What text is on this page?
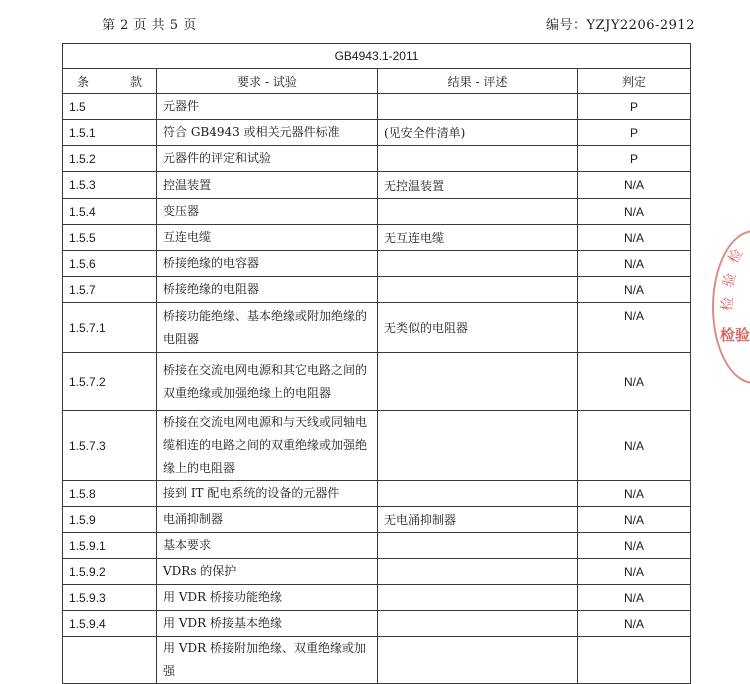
第 2 页 共 5 页	编号：YZJY2206-2912
检
验
检
检验
GB4943.1-2011			
条　　款	要求 - 试验	结果 - 评述	判定
1.5	元器件		P
1.5.1	符合 GB4943 或相关元器件标准	(见安全件清单)	P
1.5.2	元器件的评定和试验		P
1.5.3	控温装置	无控温装置	N/A
1.5.4	变压器		N/A
1.5.5	互连电缆	无互连电缆	N/A
1.5.6	桥接绝缘的电容器		N/A
1.5.7	桥接绝缘的电阻器		N/A
1.5.7.1	桥接功能绝缘、基本绝缘或附加绝缘的电阻器	无类似的电阻器	N/A
1.5.7.2	桥接在交流电网电源和其它电路之间的双重绝缘或加强绝缘上的电阻器		N/A
1.5.7.3	桥接在交流电网电源和与天线或同轴电缆相连的电路之间的双重绝缘或加强绝缘上的电阻器		N/A
1.5.8	接到 IT 配电系统的设备的元器件		N/A
1.5.9	电涌抑制器	无电涌抑制器	N/A
1.5.9.1	基本要求		N/A
1.5.9.2	VDRs 的保护		N/A
1.5.9.3	用 VDR 桥接功能绝缘		N/A
1.5.9.4	用 VDR 桥接基本绝缘		N/A
	用 VDR 桥接附加绝缘、双重绝缘或加强		
